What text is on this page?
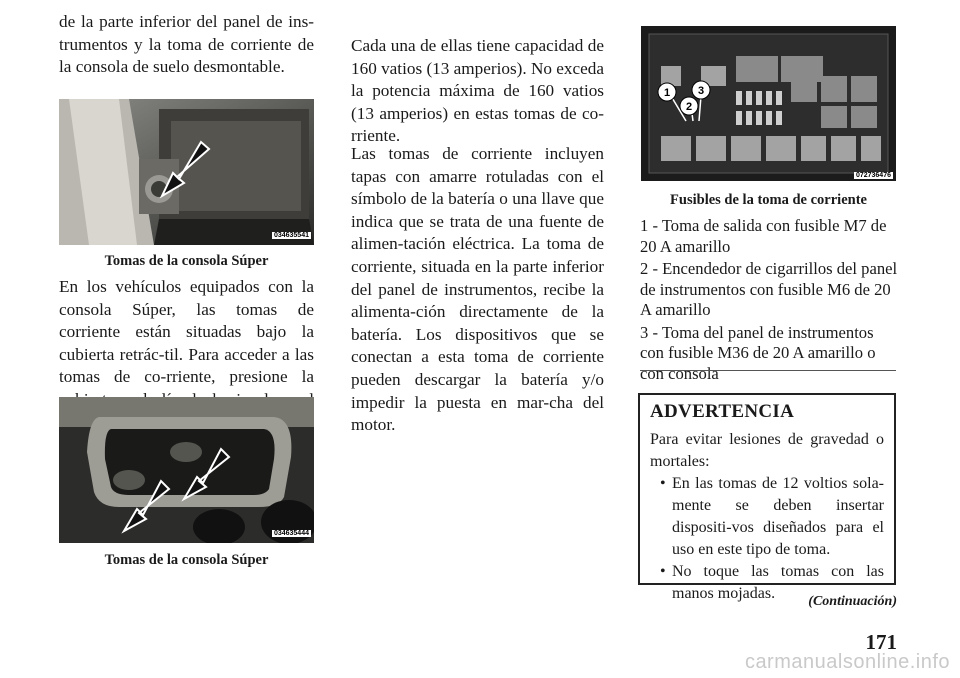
de la parte inferior del panel de ins-trumentos y la toma de corriente de la consola de suelo desmontable.

034635541
Tomas de la consola Súper

En los vehículos equipados con la consola Súper, las tomas de corriente están situadas bajo la cubierta retrác-til. Para acceder a las tomas de co-rriente, presione la

034635444
Tomas de la consola Súper

Cada una de ellas tiene capacidad de 160 vatios (13 amperios). No exceda la potencia máxima de 160 vatios (13 amperios) en estas tomas de co-rriente.

Las tomas de corriente incluyen tapas con amarre rotuladas con el símbolo de la batería o una llave que indica que se trata de una fuente de alimen-tación eléctrica. La toma de corriente, situada en la parte inferior del panel de instrumentos, recibe la alimenta-ción directamente de la batería. Los dispositivos que se conectan a esta toma de corriente pueden descargar la batería y/o impedir la puesta en mar-cha del motor.

1
2
3
072736476
Fusibles de la toma de corriente
1 - Toma de salida con fusible M7 de 20 A amarillo
2 - Encendedor de cigarrillos del panel de instrumentos con fusible M6 de 20 A amarillo
3 - Toma del panel de instrumentos con fusible M36 de 20 A amarillo o con consola
ADVERTENCIA

Para evitar lesiones de gravedad o mortales:

• En las tomas de 12 voltios sola-mente se deben insertar dispositi-vos diseñados para el uso en este tipo de toma.
• No toque las tomas con las manos mojadas.	(Continuación)
171
carmanualsonline.info
